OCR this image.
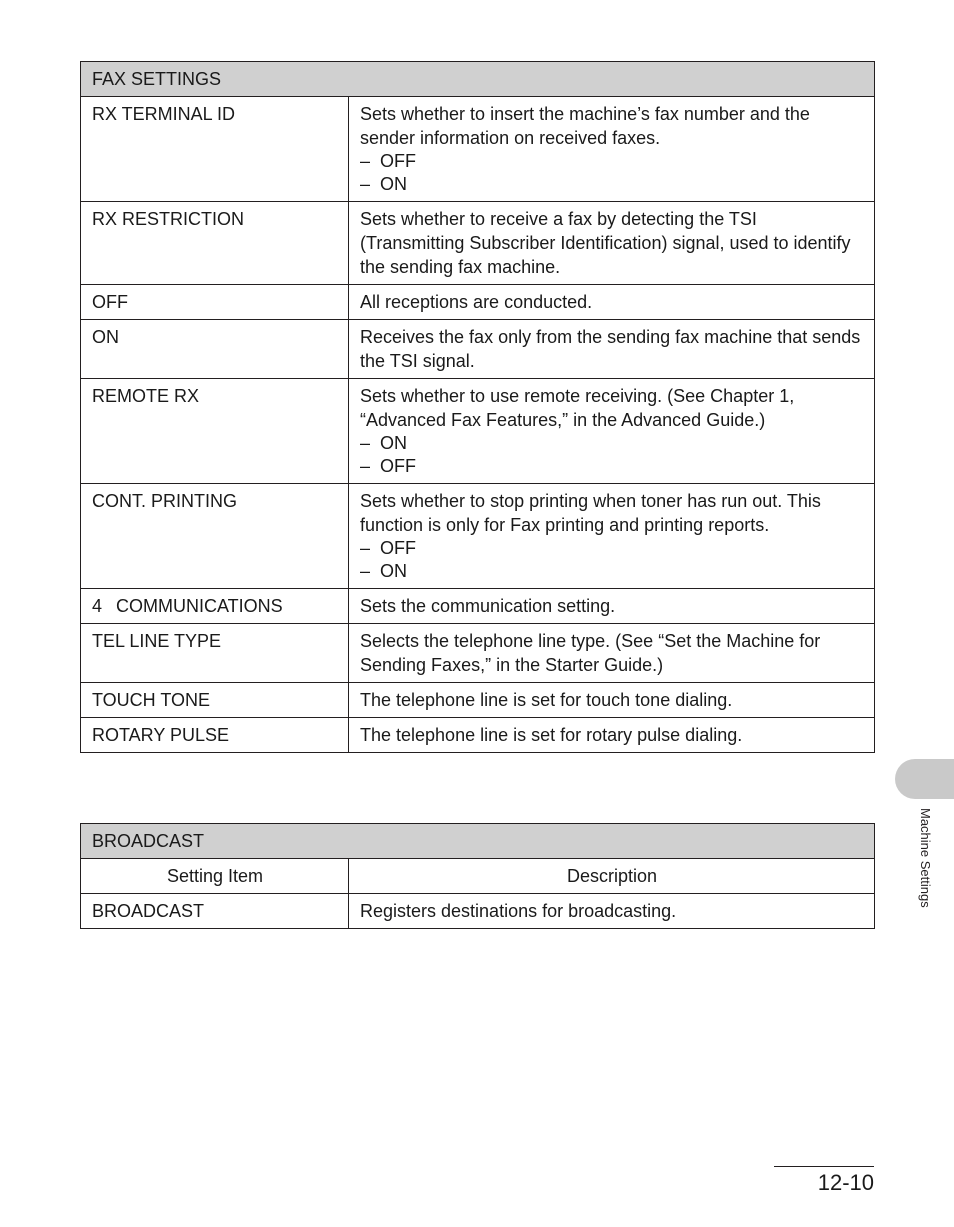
FAX SETTINGS	
RX TERMINAL ID	Sets whether to insert the machine’s fax number and the sender information on received faxes.
– OFF
– ON

RX RESTRICTION	Sets whether to receive a fax by detecting the TSI (Transmitting Subscriber Identification) signal, used to identify the sending fax machine.
OFF	All receptions are conducted.
ON	Receives the fax only from the sending fax machine that sends the TSI signal.
REMOTE RX	Sets whether to use remote receiving. (See Chapter 1, “Advanced Fax Features,” in the Advanced Guide.)
– ON
– OFF

CONT. PRINTING	Sets whether to stop printing when toner has run out. This function is only for Fax printing and printing reports.
– OFF
– ON

4 COMMUNICATIONS	Sets the communication setting.
TEL LINE TYPE	Selects the telephone line type. (See “Set the Machine for Sending Faxes,” in the Starter Guide.)
TOUCH TONE	The telephone line is set for touch tone dialing.
ROTARY PULSE	The telephone line is set for rotary pulse dialing.
BROADCAST	
Setting Item	Description
BROADCAST	Registers destinations for broadcasting.
Machine Settings
12-10
